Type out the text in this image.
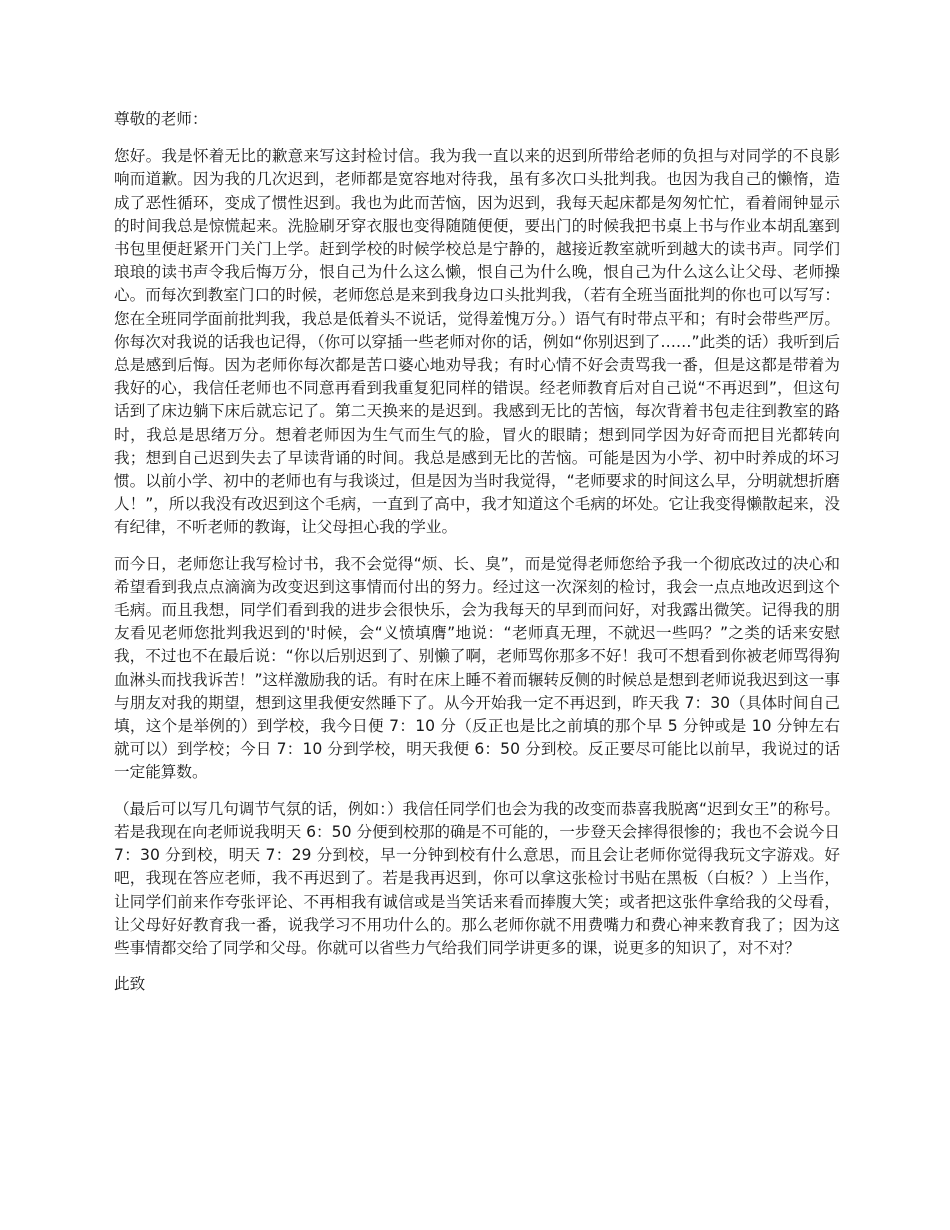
尊敬的老师：

您好。我是怀着无比的歉意来写这封检讨信。我为我一直以来的迟到所带给老师的负担与对同学的不良影响而道歉。因为我的几次迟到，老师都是宽容地对待我，虽有多次口头批判我。也因为我自己的懒惰，造成了恶性循环，变成了惯性迟到。我也为此而苦恼，因为迟到，我每天起床都是匆匆忙忙，看着闹钟显示的时间我总是惊慌起来。洗脸刷牙穿衣服也变得随随便便，要出门的时候我把书桌上书与作业本胡乱塞到书包里便赶紧开门关门上学。赶到学校的时候学校总是宁静的，越接近教室就听到越大的读书声。同学们琅琅的读书声令我后悔万分，恨自己为什么这么懒，恨自己为什么晚，恨自己为什么这么让父母、老师操心。而每次到教室门口的时候，老师您总是来到我身边口头批判我，（若有全班当面批判的你也可以写写：您在全班同学面前批判我，我总是低着头不说话，觉得羞愧万分。）语气有时带点平和；有时会带些严厉。你每次对我说的话我也记得，（你可以穿插一些老师对你的话，例如“你别迟到了……”此类的话）我听到后总是感到后悔。因为老师你每次都是苦口婆心地劝导我；有时心情不好会责骂我一番，但是这都是带着为我好的心，我信任老师也不同意再看到我重复犯同样的错误。经老师教育后对自己说“不再迟到”，但这句话到了床边躺下床后就忘记了。第二天换来的是迟到。我感到无比的苦恼，每次背着书包走往到教室的路时，我总是思绪万分。想着老师因为生气而生气的脸，冒火的眼睛；想到同学因为好奇而把目光都转向我；想到自己迟到失去了早读背诵的时间。我总是感到无比的苦恼。可能是因为小学、初中时养成的坏习惯。以前小学、初中的老师也有与我谈过，但是因为当时我觉得，“老师要求的时间这么早，分明就想折磨人！”，所以我没有改迟到这个毛病，一直到了高中，我才知道这个毛病的坏处。它让我变得懒散起来，没有纪律，不听老师的教诲，让父母担心我的学业。

而今日，老师您让我写检讨书，我不会觉得“烦、长、臭”，而是觉得老师您给予我一个彻底改过的决心和希望看到我点点滴滴为改变迟到这事情而付出的努力。经过这一次深刻的检讨，我会一点点地改迟到这个毛病。而且我想，同学们看到我的进步会很快乐，会为我每天的早到而问好，对我露出微笑。记得我的朋友看见老师您批判我迟到的'时候，会“义愤填膺”地说：“老师真无理，不就迟一些吗？”之类的话来安慰我，不过也不在最后说：“你以后别迟到了、别懒了啊，老师骂你那多不好！我可不想看到你被老师骂得狗血淋头而找我诉苦！”这样激励我的话。有时在床上睡不着而辗转反侧的时候总是想到老师说我迟到这一事与朋友对我的期望，想到这里我便安然睡下了。从今开始我一定不再迟到，昨天我 7：30（具体时间自己填，这个是举例的）到学校，我今日便 7：10 分（反正也是比之前填的那个早 5 分钟或是 10 分钟左右就可以）到学校；今日 7：10 分到学校，明天我便 6：50 分到校。反正要尽可能比以前早，我说过的话一定能算数。

（最后可以写几句调节气氛的话，例如：）我信任同学们也会为我的改变而恭喜我脱离“迟到女王”的称号。若是我现在向老师说我明天 6：50 分便到校那的确是不可能的，一步登天会摔得很惨的；我也不会说今日 7：30 分到校，明天 7：29 分到校，早一分钟到校有什么意思，而且会让老师你觉得我玩文字游戏。好吧，我现在答应老师，我不再迟到了。若是我再迟到，你可以拿这张检讨书贴在黑板（白板？）上当作，让同学们前来作夸张评论、不再相我有诚信或是当笑话来看而捧腹大笑；或者把这张件拿给我的父母看，让父母好好教育我一番，说我学习不用功什么的。那么老师你就不用费嘴力和费心神来教育我了；因为这些事情都交给了同学和父母。你就可以省些力气给我们同学讲更多的课，说更多的知识了，对不对？

此致
